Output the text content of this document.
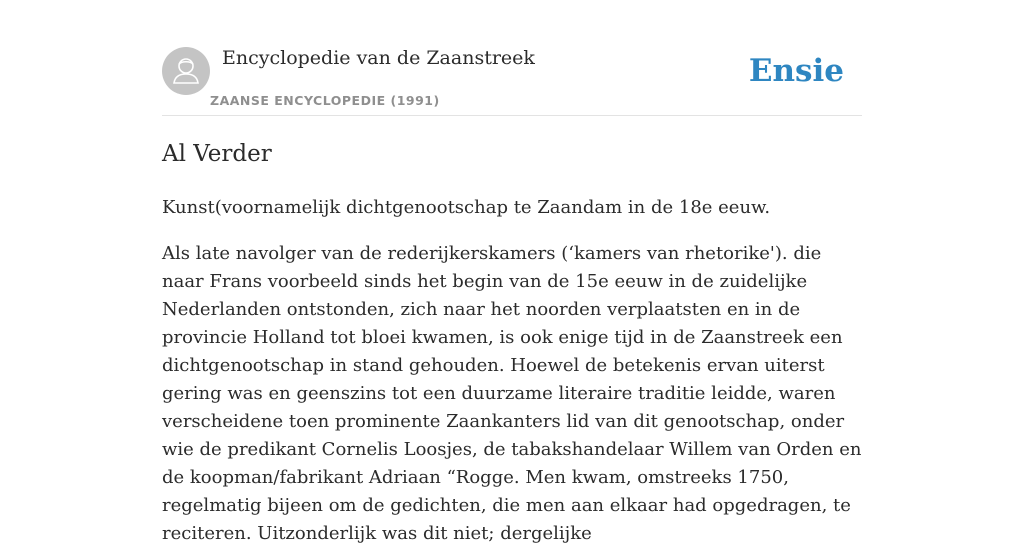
Encyclopedie van de Zaanstreek
ZAANSE ENCYCLOPEDIE (1991)
Ensie
Al Verder

Kunst(voornamelijk dichtgenootschap te Zaandam in de 18e eeuw.

Als late navolger van de rederijkerskamers (‘kamers van rhetorike'). die naar Frans voorbeeld sinds het begin van de 15e eeuw in de zuidelijke Nederlanden ontstonden, zich naar het noorden verplaatsten en in de provincie Holland tot bloei kwamen, is ook enige tijd in de Zaanstreek een dichtgenootschap in stand gehouden. Hoewel de betekenis ervan uiterst gering was en geenszins tot een duurzame literaire traditie leidde, waren verscheidene toen prominente Zaankanters lid van dit genootschap, onder wie de predikant Cornelis Loosjes, de tabakshandelaar Willem van Orden en de koopman/fabrikant Adriaan “Rogge. Men kwam, omstreeks 1750, regelmatig bijeen om de gedichten, die men aan elkaar had opgedragen, te reciteren. Uitzonderlijk was dit niet; dergelijke
